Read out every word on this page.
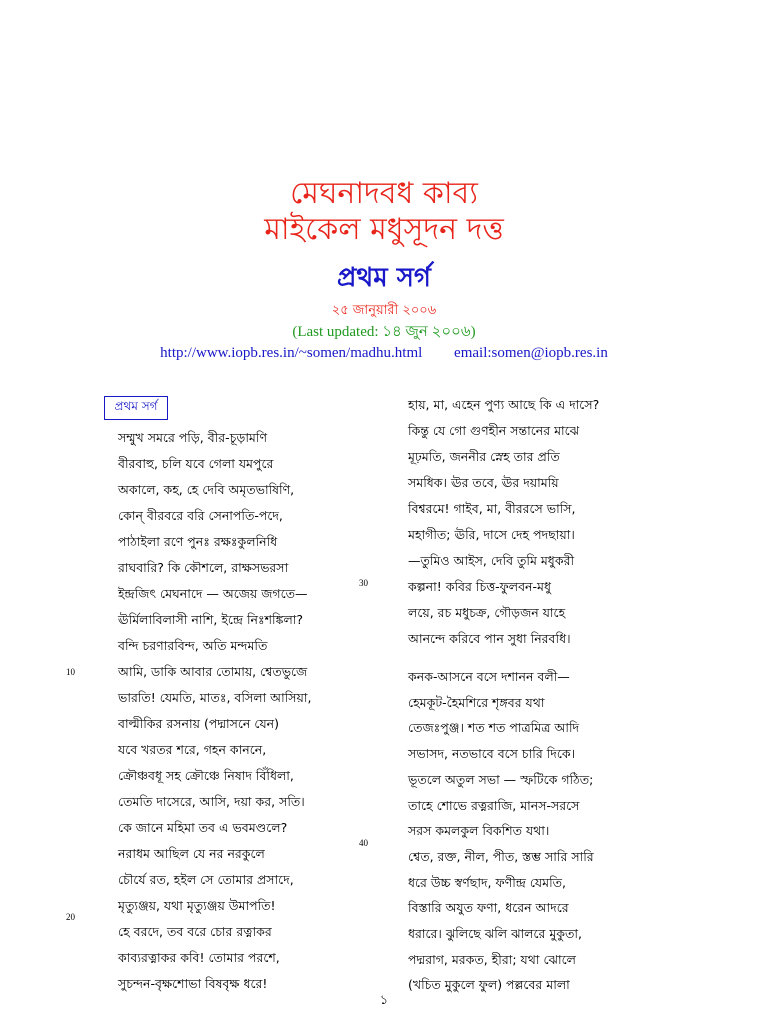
মেঘনাদবধ কাব্য
মাইকেল মধুসূদন দত্ত
প্রথম সর্গ
২৫ জানুয়ারী ২০০৬
(Last updated: ১৪ জুন ২০০৬)
http://www.iopb.res.in/~somen/madhu.html email:somen@iopb.res.in
প্রথম সর্গ
সম্মুখ সমরে পড়ি, বীর-চূড়ামণি
বীরবাহু, চলি যবে গেলা যমপুরে
অকালে, কহ, হে দেবি অমৃতভাষিণি,
কোন্‌ বীরবরে বরি সেনাপতি-পদে,
পাঠাইলা রণে পুনঃ রক্ষঃকুলনিধি
রাঘবারি? কি কৌশলে, রাক্ষসভরসা
ইন্দ্রজিৎ মেঘনাদে — অজেয় জগতে—
ঊর্মিলাবিলাসী নাশি, ইন্দ্রে নিঃশঙ্কিলা?
বন্দি চরণারবিন্দ, অতি মন্দমতি
আমি, ডাকি আবার তোমায়, শ্বেতভুজে
ভারতি! যেমতি, মাতঃ, বসিলা আসিয়া,
বাল্মীকির রসনায় (পদ্মাসনে যেন)
যবে খরতর শরে, গহন কাননে,
ক্রৌঞ্চবধূ সহ ক্রৌঞ্চে নিষাদ বিঁধিলা,
তেমতি দাসেরে, আসি, দয়া কর, সতি।
কে জানে মহিমা তব এ ভবমণ্ডলে?
নরাধম আছিল যে নর নরকুলে
চৌর্যে রত, হইল সে তোমার প্রসাদে,
মৃত্যুঞ্জয়, যথা মৃত্যুঞ্জয় উমাপতি!
হে বরদে, তব বরে চোর রত্নাকর
কাব্যরত্নাকর কবি! তোমার পরশে,
সুচন্দন-বৃক্ষশোভা বিষবৃক্ষ ধরে!
হায়, মা, এহেন পুণ্য আছে কি এ দাসে?
কিন্তু যে গো গুণহীন সন্তানের মাঝে
মূঢ়মতি, জননীর স্নেহ তার প্রতি
সমধিক। ঊর তবে, ঊর দয়াময়ি
বিশ্বরমে! গাইব, মা, বীররসে ভাসি,
মহাগীত; ঊরি, দাসে দেহ পদছায়া।
—তুমিও আইস, দেবি তুমি মধুকরী
কল্পনা! কবির চিত্ত-ফুলবন-মধু
লয়ে, রচ মধুচক্র, গৌড়জন যাহে
আনন্দে করিবে পান সুধা নিরবধি।
কনক-আসনে বসে দশানন বলী—
হেমকূট-হৈমশিরে শৃঙ্গবর যথা
তেজঃপুঞ্জ। শত শত পাত্রমিত্র আদি
সভাসদ, নতভাবে বসে চারি দিকে।
ভূতলে অতুল সভা — স্ফটিকে গঠিত;
তাহে শোভে রত্নরাজি, মানস-সরসে
সরস কমলকুল বিকশিত যথা।
শ্বেত, রক্ত, নীল, পীত, স্তম্ভ সারি সারি
ধরে উচ্চ স্বর্ণছাদ, ফণীন্দ্র যেমতি,
বিস্তারি অযুত ফণা, ধরেন আদরে
ধরারে। ঝুলিছে ঝলি ঝালরে মুকুতা,
পদ্মরাগ, মরকত, হীরা; যথা ঝোলে
(খচিত মুকুলে ফুল) পল্লবের মালা
10
20
30
40
১
